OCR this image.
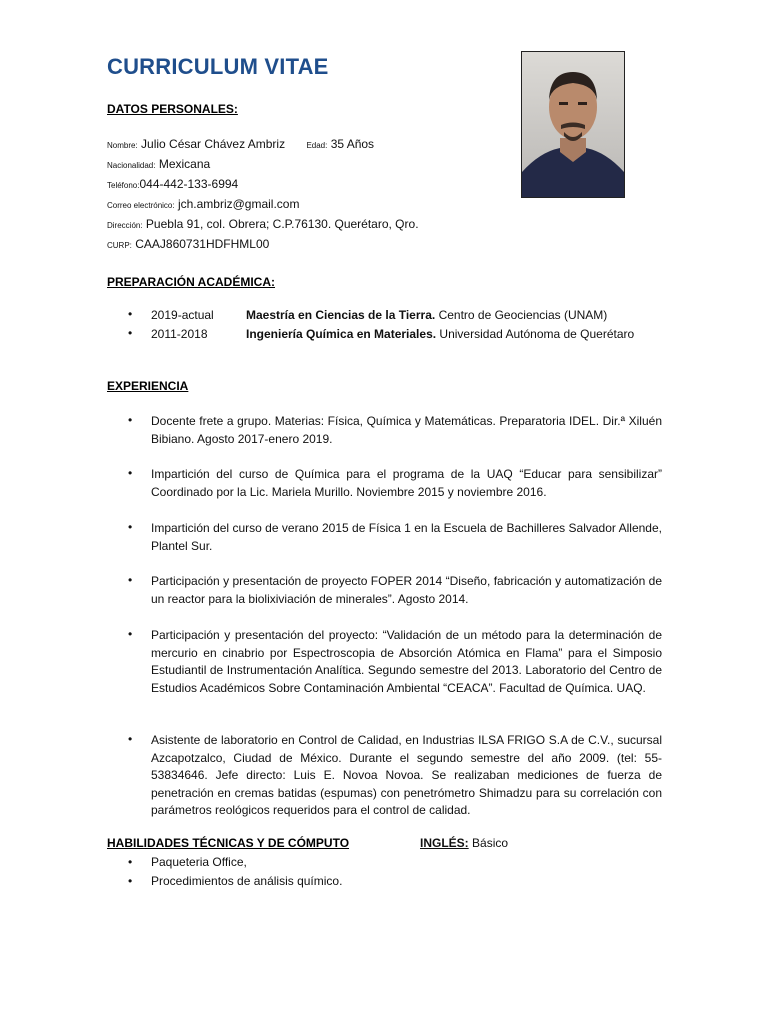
CURRICULUM VITAE
DATOS PERSONALES:
Nombre: Julio César Chávez Ambriz	Edad: 35 Años
Nacionalidad: Mexicana
Teléfono:044-442-133-6994
Correo electrónico: jch.ambriz@gmail.com
Dirección: Puebla 91, col. Obrera; C.P.76130. Querétaro, Qro.
CURP: CAAJ860731HDFHML00
PREPARACIÓN ACADÉMICA:
• 2019-actual	Maestría en Ciencias de la Tierra. Centro de Geociencias (UNAM)
• 2011-2018	Ingeniería Química en Materiales. Universidad Autónoma de Querétaro
EXPERIENCIA
• Docente frete a grupo. Materias: Física, Química y Matemáticas. Preparatoria IDEL. Dir.ª Xiluén Bibiano. Agosto 2017-enero 2019.
• Impartición del curso de Química para el programa de la UAQ “Educar para sensibilizar” Coordinado por la Lic. Mariela Murillo. Noviembre 2015 y noviembre 2016.
• Impartición del curso de verano 2015 de Física 1 en la Escuela de Bachilleres Salvador Allende, Plantel Sur.
• Participación y presentación de proyecto FOPER 2014 “Diseño, fabricación y automatización de un reactor para la biolixiviación de minerales”. Agosto 2014.
• Participación y presentación del proyecto: “Validación de un método para la determinación de mercurio en cinabrio por Espectroscopia de Absorción Atómica en Flama” para el Simposio Estudiantil de Instrumentación Analítica. Segundo semestre del 2013. Laboratorio del Centro de Estudios Académicos Sobre Contaminación Ambiental “CEACA”. Facultad de Química. UAQ.
• Asistente de laboratorio en Control de Calidad, en Industrias ILSA FRIGO S.A de C.V., sucursal Azcapotzalco, Ciudad de México. Durante el segundo semestre del año 2009. (tel: 55-53834646. Jefe directo: Luis E. Novoa Novoa. Se realizaban mediciones de fuerza de penetración en cremas batidas (espumas) con penetrómetro Shimadzu para su correlación con parámetros reológicos requeridos para el control de calidad.
HABILIDADES TÉCNICAS Y DE CÓMPUTO	INGLÉS: Básico
• Paqueteria Office,
• Procedimientos de análisis químico.
